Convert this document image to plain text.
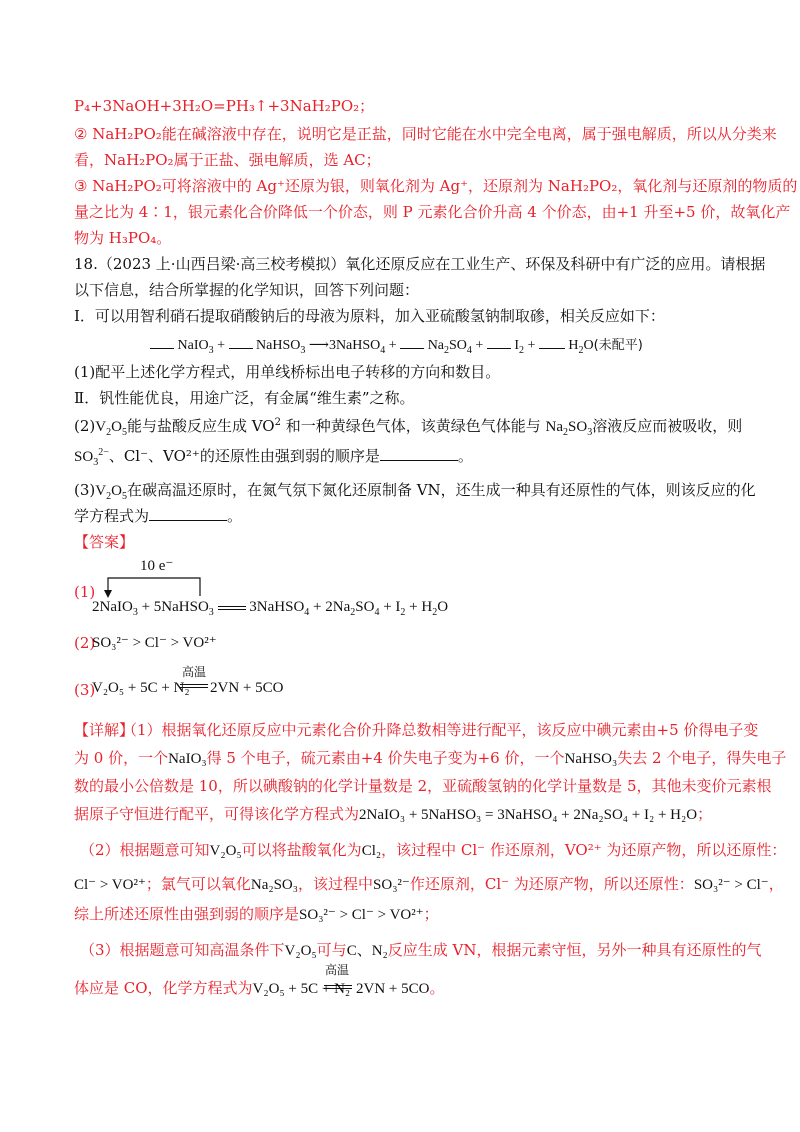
P₄+3NaOH+3H₂O=PH₃↑+3NaH₂PO₂；
② NaH₂PO₂能在碱溶液中存在，说明它是正盐，同时它能在水中完全电离，属于强电解质，所以从分类来
看，NaH₂PO₂属于正盐、强电解质，选 AC；
③ NaH₂PO₂可将溶液中的 Ag⁺还原为银，则氧化剂为 Ag⁺，还原剂为 NaH₂PO₂，氧化剂与还原剂的物质的
量之比为 4∶1，银元素化合价降低一个价态，则 P 元素化合价升高 4 个价态，由+1 升至+5 价，故氧化产
物为 H₃PO₄。
18.（2023 上·山西吕梁·高三校考模拟）氧化还原反应在工业生产、环保及科研中有广泛的应用。请根据
以下信息，结合所掌握的化学知识，回答下列问题：
Ⅰ．可以用智利硝石提取硝酸钠后的母液为原料，加入亚硫酸氢钠制取碜，相关反应如下：
NaIO$_3$ +  NaHSO$_3$ ⟶3NaHSO$_4$ +  $Na_2SO_4 + I_2 + H_2O$(未配平)
(1)配平上述化学方程式，用单线桥标出电子转移的方向和数目。
Ⅱ．钒性能优良，用途广泛，有金属“维生素”之称。
$(2)V_2O_5$能与盐酸反应生成 $VO^2$ 和一种黄绿色气体，该黄绿色气体能与 $Na_2SO_3$溶液反应而被吸收，则
$SO_3^{2-}$、Cl⁻、VO²⁺的还原性由强到弱的顺序是	。
$(3)V_2O_5$在碳高温还原时，在氮气氛下氮化还原制备 VN，还生成一种具有还原性的气体，则该反应的化
学方程式为	。
【答案】
10 e⁻
(1)
2NaIO$_3$ + 5NaHSO$_3$ 3NaHSO$_4$ + $2Na_2SO_4 + I_2 + H_2O$
(2)
SO₃²⁻ > Cl⁻ > VO²⁺
(3)
V₂O₅ + 5C + N₂
高温
2VN + 5CO
【详解】
（1）根据氧化还原反应中元素化合价升降总数相等进行配平，该反应中碘元素由+5 价得电子变
为 0 价，一个NaIO₃得 5 个电子，硫元素由+4 价失电子变为+6 价，一个NaHSO₃失去 2 个电子，得失电子
数的最小公倍数是 10，所以碘酸钠的化学计量数是 2，亚硫酸氢钠的化学计量数是 5，其他未变价元素根
据原子守恒进行配平，可得该化学方程式为2NaIO₃ + 5NaHSO₃ = 3NaHSO₄ + 2Na₂SO₄ + I₂ + H₂O；
（2）根据题意可知V₂O₅可以将盐酸氧化为Cl₂，该过程中 Cl⁻ 作还原剂，VO²⁺ 为还原产物，所以还原性：
Cl⁻ > VO²⁺；氯气可以氧化Na₂SO₃，该过程中SO₃²⁻作还原剂，Cl⁻ 为还原产物，所以还原性：SO₃²⁻ > Cl⁻，
综上所述还原性由强到弱的顺序是SO₃²⁻ > Cl⁻ > VO²⁺；
（3）根据题意可知高温条件下V₂O₅可与C、N₂反应生成 VN，根据元素守恒，另外一种具有还原性的气
体应是 CO，化学方程式为V₂O₅ + 5C + N₂
高温
2VN + 5CO。
